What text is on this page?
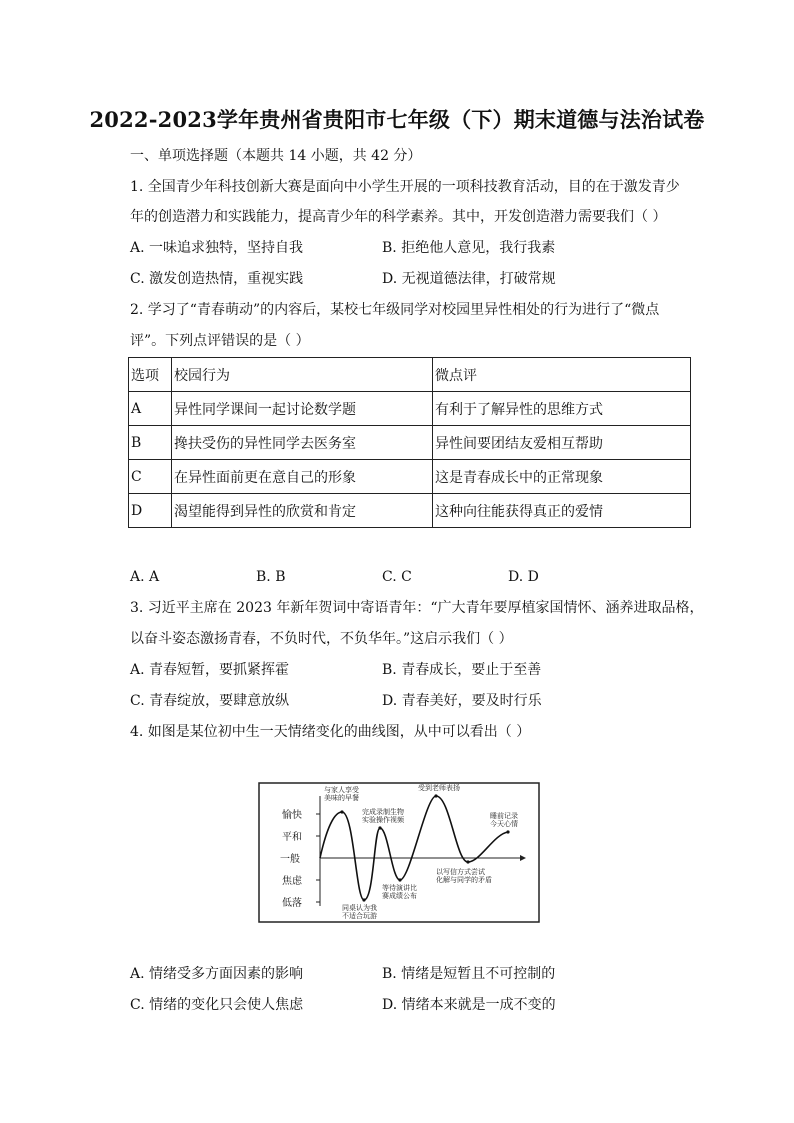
2022-2023学年贵州省贵阳市七年级（下）期末道德与法治试卷
一、单项选择题（本题共 14 小题，共 42 分）
1. 全国青少年科技创新大赛是面向中小学生开展的一项科技教育活动，目的在于激发青少
年的创造潜力和实践能力，提高青少年的科学素养。其中，开发创造潜力需要我们（ ）
A. 一味追求独特，坚持自我	B. 拒绝他人意见，我行我素
C. 激发创造热情，重视实践	D. 无视道德法律，打破常规
2. 学习了“青春萌动”的内容后，某校七年级同学对校园里异性相处的行为进行了“微点
评”。下列点评错误的是（ ）
选项	校园行为	微点评
A	异性同学课间一起讨论数学题	有利于了解异性的思维方式
B	搀扶受伤的异性同学去医务室	异性间要团结友爱相互帮助
C	在异性面前更在意自己的形象	这是青春成长中的正常现象
D	渴望能得到异性的欣赏和肯定	这种向往能获得真正的爱情
A. A	B. B	C. C	D. D
3. 习近平主席在 2023 年新年贺词中寄语青年：“广大青年要厚植家国情怀、涵养进取品格，
以奋斗姿态激扬青春，不负时代，不负华年。”这启示我们（ ）
A. 青春短暂，要抓紧挥霍	B. 青春成长，要止于至善
C. 青春绽放，要肆意放纵	D. 青春美好，要及时行乐
4. 如图是某位初中生一天情绪变化的曲线图，从中可以看出（ ）
愉快
平和
一般
焦虑
低落
与家人享受美味的早餐
同桌认为我不适合玩游
完成录制生物实验操作视频
等待演讲比赛成绩公布
受到老师表扬
以写信方式尝试化解与同学的矛盾
睡前记录今天心情
A. 情绪受多方面因素的影响	B. 情绪是短暂且不可控制的
C. 情绪的变化只会使人焦虑	D. 情绪本来就是一成不变的
